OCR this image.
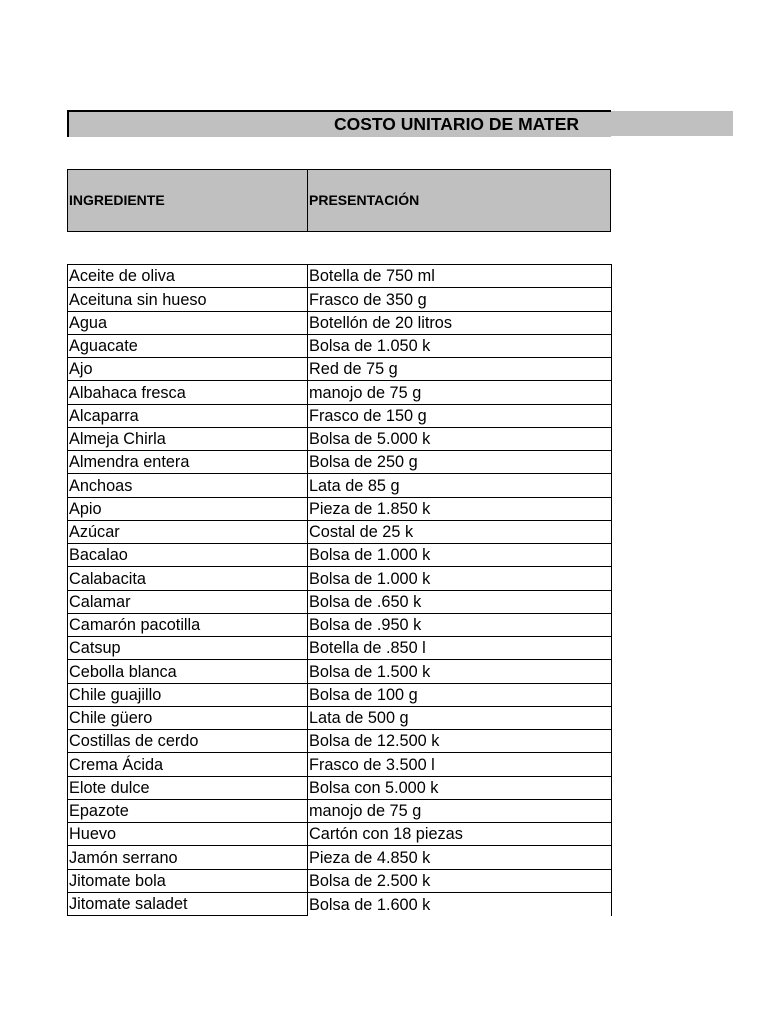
COSTO UNITARIO DE MATER
INGREDIENTE	PRESENTACIÓN
Aceite de oliva	Botella de 750 ml
Aceituna sin hueso	Frasco de 350 g
Agua	Botellón de 20 litros
Aguacate	Bolsa de 1.050 k
Ajo	Red de 75 g
Albahaca fresca	manojo de 75 g
Alcaparra	Frasco de 150 g
Almeja Chirla	Bolsa de 5.000 k
Almendra entera	Bolsa de 250 g
Anchoas	Lata de 85 g
Apio	Pieza de 1.850 k
Azúcar	Costal de 25 k
Bacalao	Bolsa de 1.000 k
Calabacita	Bolsa de 1.000 k
Calamar	Bolsa de .650 k
Camarón pacotilla	Bolsa de .950 k
Catsup	Botella de .850 l
Cebolla blanca	Bolsa de 1.500 k
Chile guajillo	Bolsa de 100 g
Chile güero	Lata de 500 g
Costillas de cerdo	Bolsa de 12.500 k
Crema Ácida	Frasco de 3.500 l
Elote dulce	Bolsa con 5.000 k
Epazote	manojo de 75 g
Huevo	Cartón con 18 piezas
Jamón serrano	Pieza de 4.850 k
Jitomate bola	Bolsa de 2.500 k
Jitomate saladet	Bolsa de 1.600 k
